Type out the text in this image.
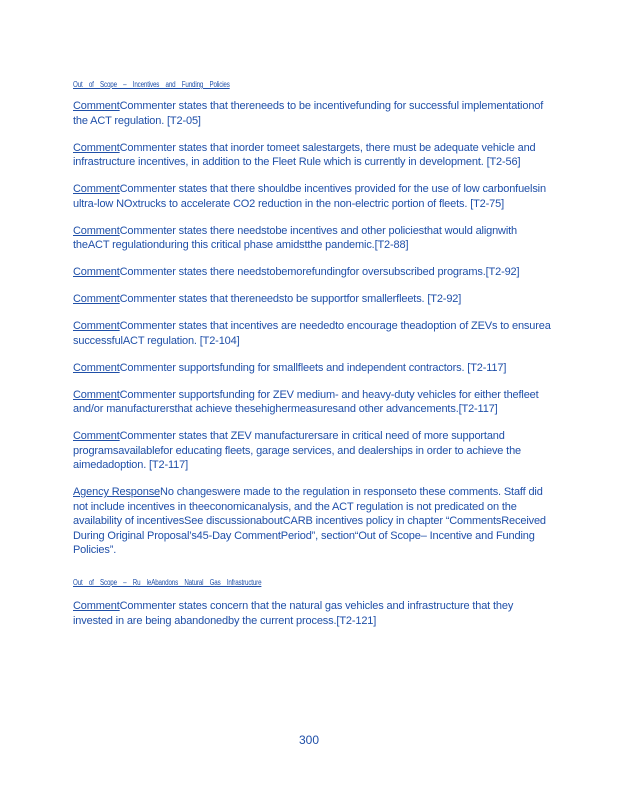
Out of Scope – Incentives and Funding Policies

CommentCommenter states that thereneeds to be incentivefunding for successful implementationof the ACT regulation. [T2-05]

CommentCommenter states that inorder tomeet salestargets, there must be adequate vehicle and infrastructure incentives, in addition to the Fleet Rule which is currently in development. [T2-56]

CommentCommenter states that there shouldbe incentives provided for the use of low carbonfuelsin ultra-low NOxtrucks to accelerate CO2 reduction in the non-electric portion of fleets. [T2-75]

CommentCommenter states there needstobe incentives and other policiesthat would alignwith theACT regulationduring this critical phase amidstthe pandemic.[T2-88]

CommentCommenter states there needstobemorefundingfor oversubscribed programs.[T2-92]

CommentCommenter states that thereneedsto be supportfor smallerfleets. [T2-92]

CommentCommenter states that incentives are neededto encourage theadoption of ZEVs to ensurea successfulACT regulation. [T2-104]

CommentCommenter supportsfunding for smallfleets and independent contractors. [T2-117]

CommentCommenter supportsfunding for ZEV medium- and heavy-duty vehicles for either thefleet and/or manufacturersthat achieve thesehighermeasuresand other advancements.[T2-117]

CommentCommenter states that ZEV manufacturersare in critical need of more supportand programsavailablefor educating fleets, garage services, and dealerships in order to achieve the aimedadoption. [T2-117]

Agency ResponseNo changeswere made to the regulation in responseto these comments. Staff did not include incentives in theeconomicanalysis, and the ACT regulation is not predicated on the availability of incentivesSee discussionaboutCARB incentives policy in chapter “CommentsReceived During Original Proposal’s45-Day CommentPeriod”, section“Out of Scope– Incentive and Funding Policies”.

Out of Scope – Ru leAbandons Natural Gas Infrastructure

CommentCommenter states concern that the natural gas vehicles and infrastructure that they invested in are being abandonedby the current process.[T2-121]

300
